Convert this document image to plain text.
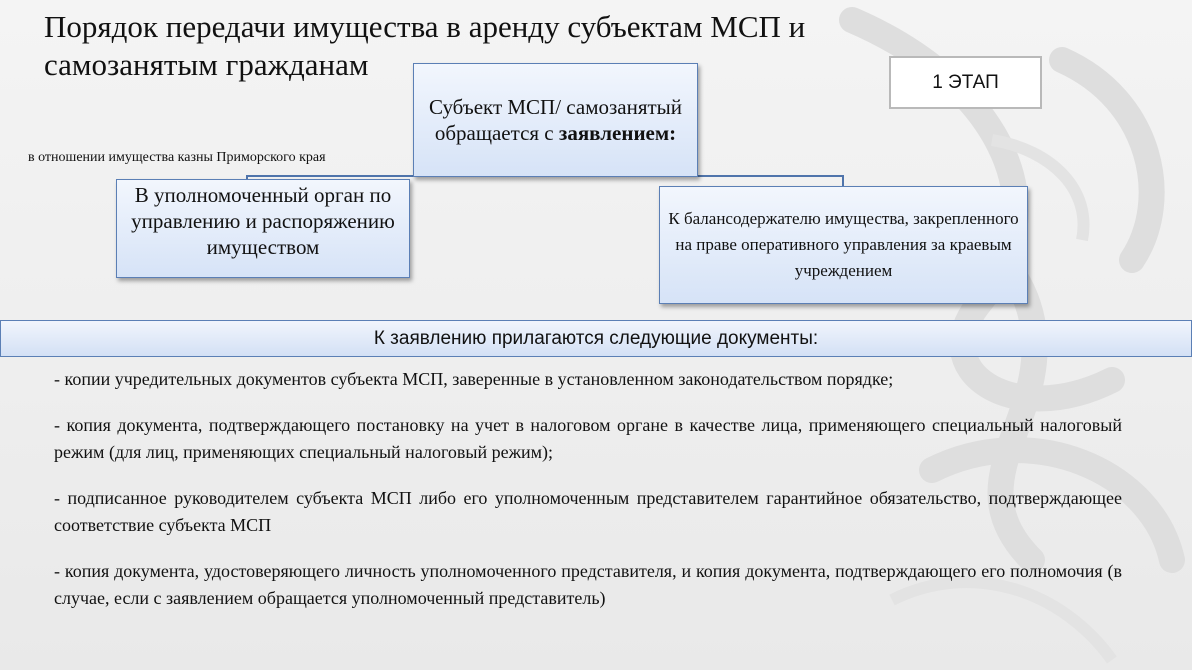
Порядок передачи имущества в аренду субъектам МСП и самозанятым гражданам	1 ЭТАП
в отношении имущества казны Приморского края
Субъект МСП/ самозанятый обращается с заявлением:
В уполномоченный орган по управлению и распоряжению имуществом
К балансодержателю имущества, закрепленного на праве оперативного управления за краевым учреждением
К заявлению прилагаются следующие документы:
- копии учредительных документов субъекта МСП, заверенные в установленном законодательством порядке;
- копия документа, подтверждающего постановку на учет в налоговом органе в качестве лица, применяющего специальный налоговый режим (для лиц, применяющих специальный налоговый режим);
- подписанное руководителем субъекта МСП либо его уполномоченным представителем гарантийное обязательство, подтверждающее соответствие субъекта МСП
- копия документа, удостоверяющего личность уполномоченного представителя, и копия документа, подтверждающего его полномочия (в случае, если с заявлением обращается уполномоченный представитель)
